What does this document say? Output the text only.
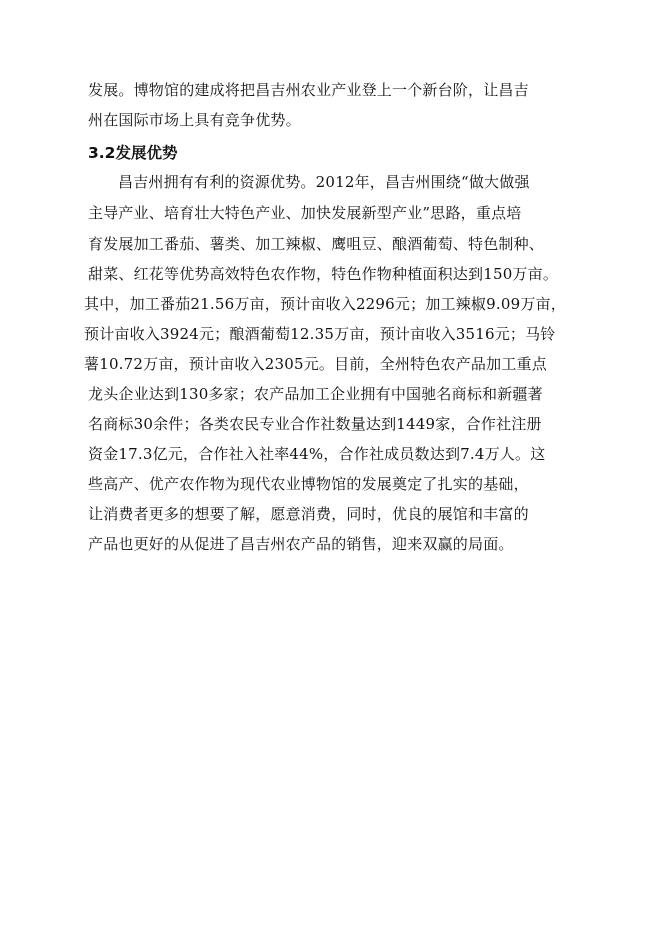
发展。博物馆的建成将把昌吉州农业产业登上一个新台阶，让昌吉
州在国际市场上具有竞争优势。
3.2发展优势
昌吉州拥有有利的资源优势。2012年，昌吉州围绕“做大做强
主导产业、培育壮大特色产业、加快发展新型产业”思路，重点培
育发展加工番茄、薯类、加工辣椒、鹰咀豆、酿酒葡萄、特色制种、
甜菜、红花等优势高效特色农作物，特色作物种植面积达到150万亩。
其中，加工番茄21.56万亩，预计亩收入2296元；加工辣椒9.09万亩，
预计亩收入3924元；酿酒葡萄12.35万亩，预计亩收入3516元；马铃
薯10.72万亩，预计亩收入2305元。目前，全州特色农产品加工重点
龙头企业达到130多家；农产品加工企业拥有中国驰名商标和新疆著
名商标30余件；各类农民专业合作社数量达到1449家，合作社注册
资金17.3亿元，合作社入社率44%，合作社成员数达到7.4万人。这
些高产、优产农作物为现代农业博物馆的发展奠定了扎实的基础，
让消费者更多的想要了解，愿意消费，同时，优良的展馆和丰富的
产品也更好的从促进了昌吉州农产品的销售，迎来双赢的局面。
